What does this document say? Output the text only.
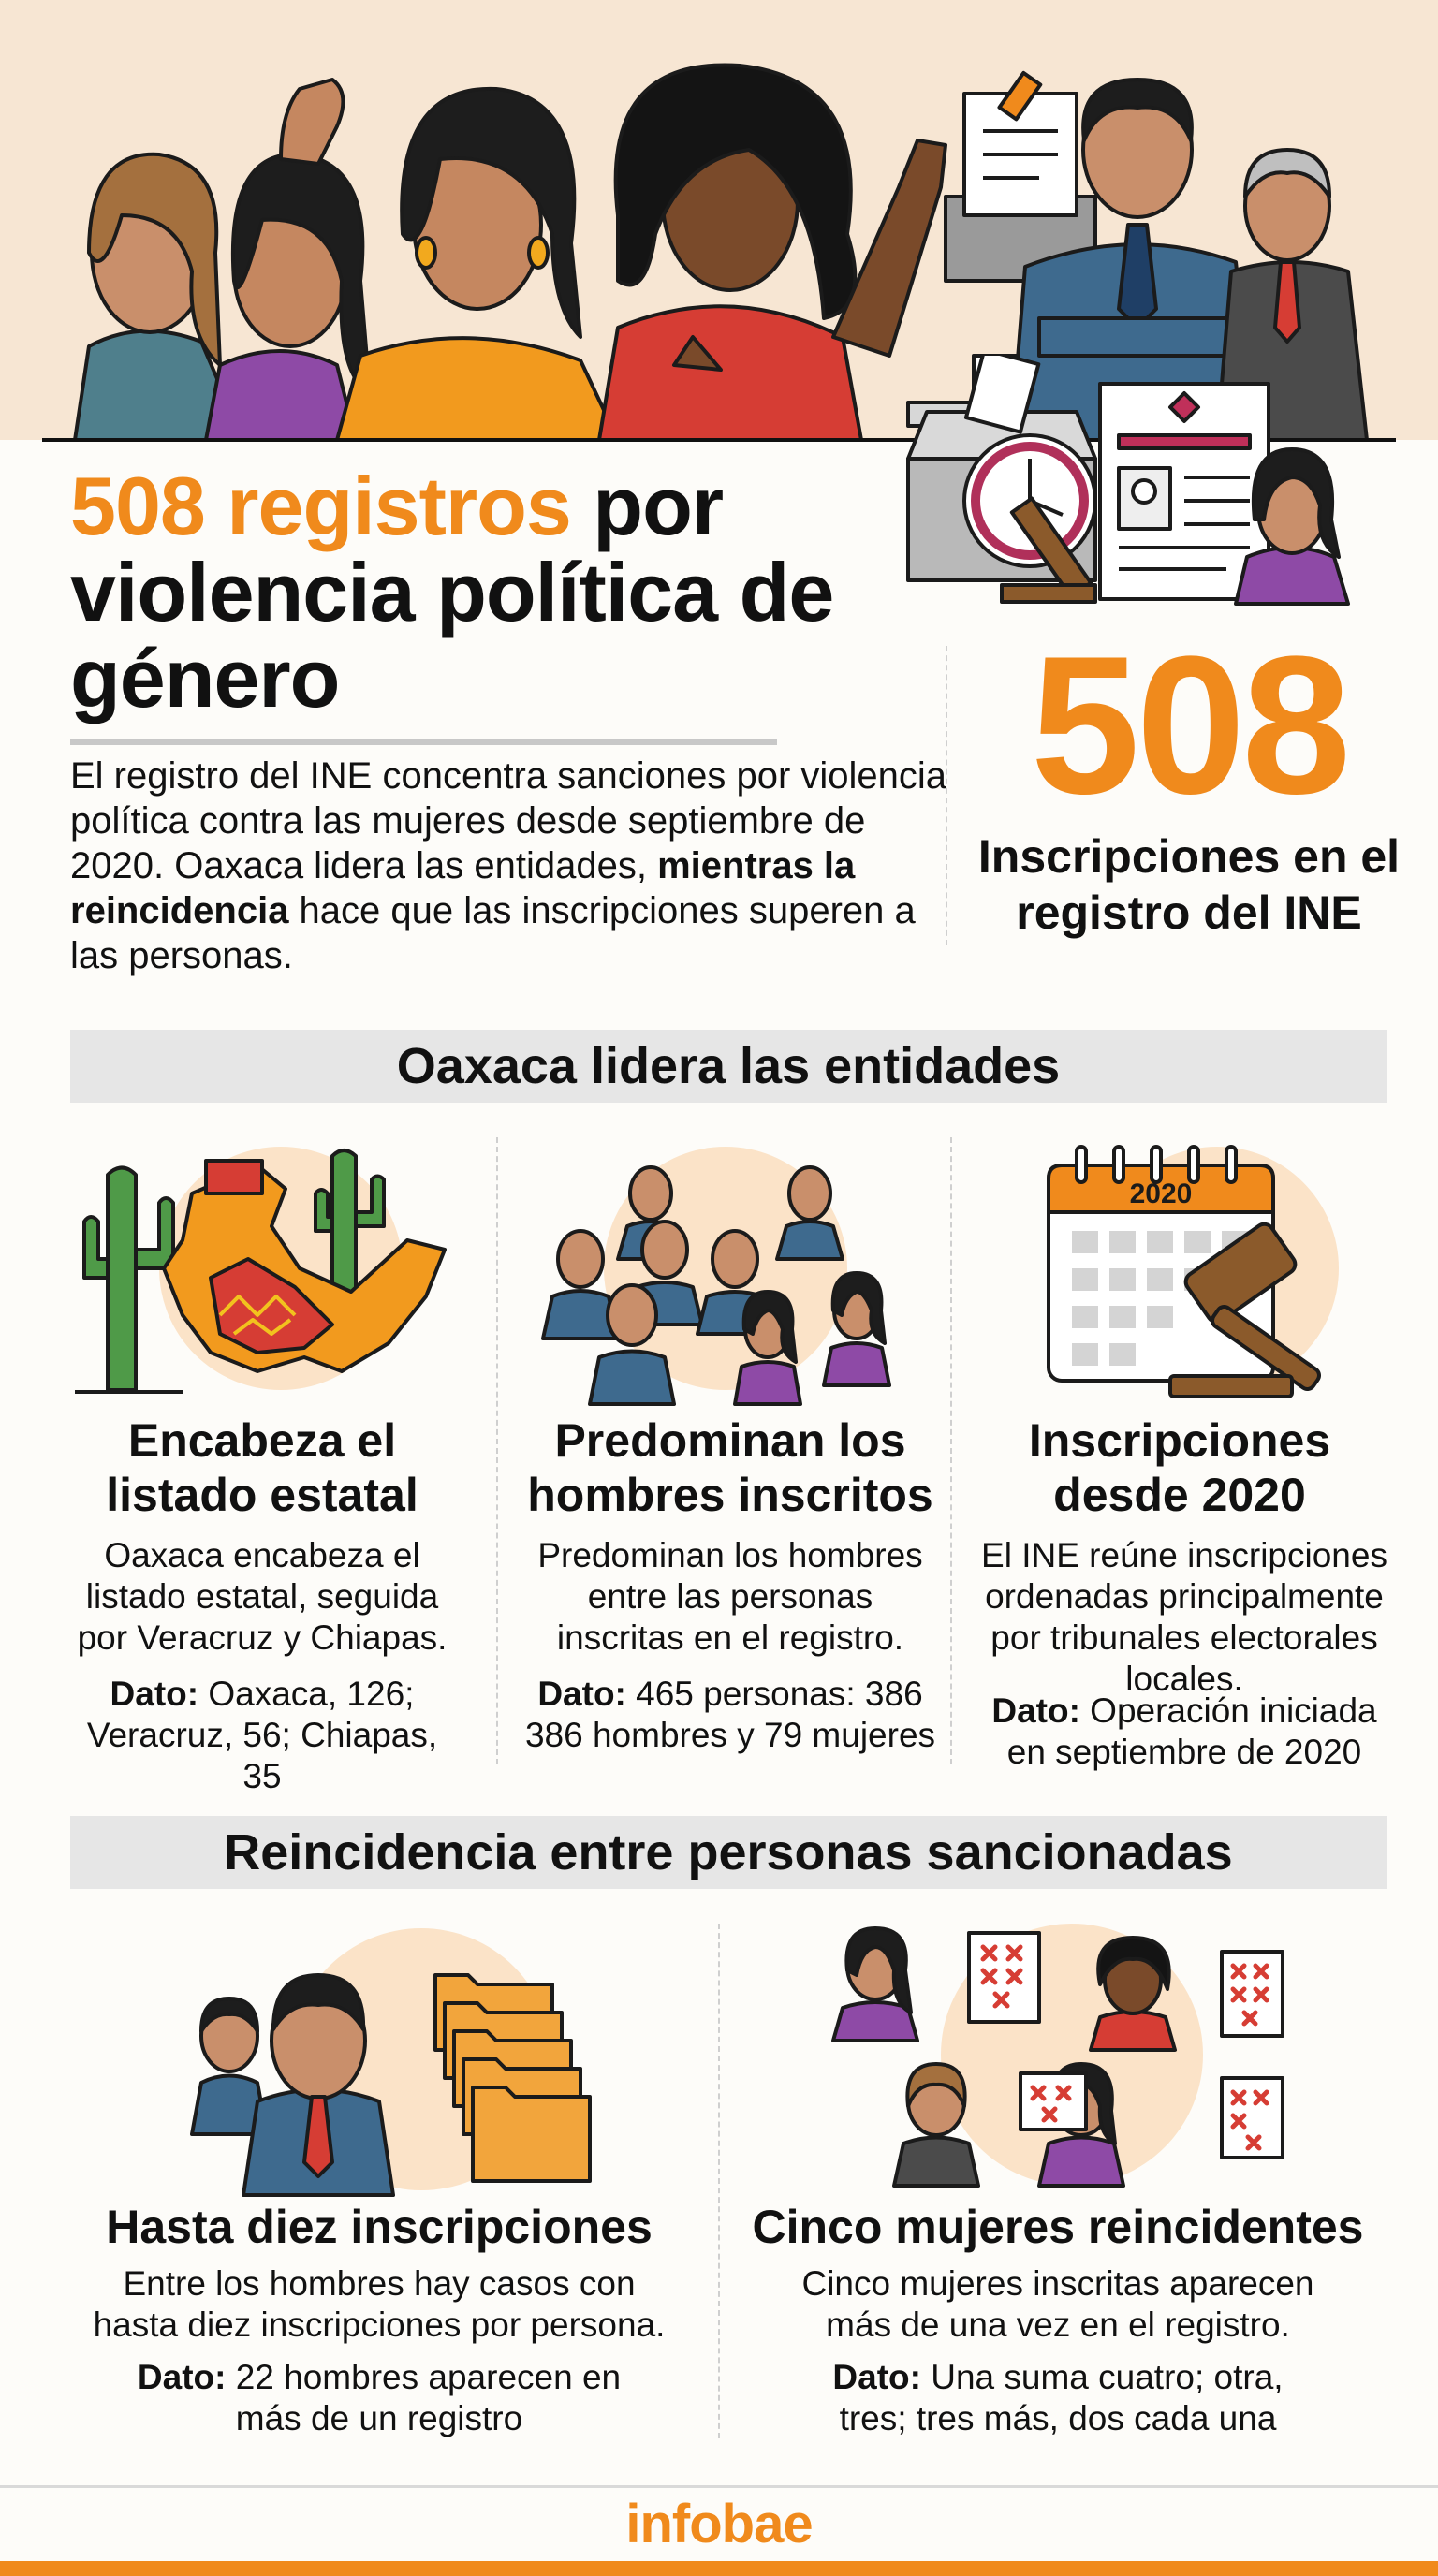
508 registros por violencia política de género
El registro del INE concentra sanciones por violencia política contra las mujeres desde septiembre de 2020. Oaxaca lidera las entidades, mientras la reincidencia hace que las inscripciones superen a las personas.
508
Inscripciones en el registro del INE
Oaxaca lidera las entidades
Encabeza el listado estatal
Oaxaca encabeza el listado estatal, seguida por Veracruz y Chiapas.
Dato: Oaxaca, 126; Veracruz, 56; Chiapas, 35
Predominan los hombres inscritos
Predominan los hombres entre las personas inscritas en el registro.
Dato: 465 personas: 386 386 hombres y 79 mujeres
2020
Inscripciones desde 2020
El INE reúne inscripciones ordenadas principalmente por tribunales electorales locales.
Dato: Operación iniciada en septiembre de 2020
Reincidencia entre personas sancionadas
Hasta diez inscripciones
Entre los hombres hay casos con hasta diez inscripciones por persona.
Dato: 22 hombres aparecen en más de un registro
Cinco mujeres reincidentes
Cinco mujeres inscritas aparecen más de una vez en el registro.
Dato: Una suma cuatro; otra, tres; tres más, dos cada una
infobae
